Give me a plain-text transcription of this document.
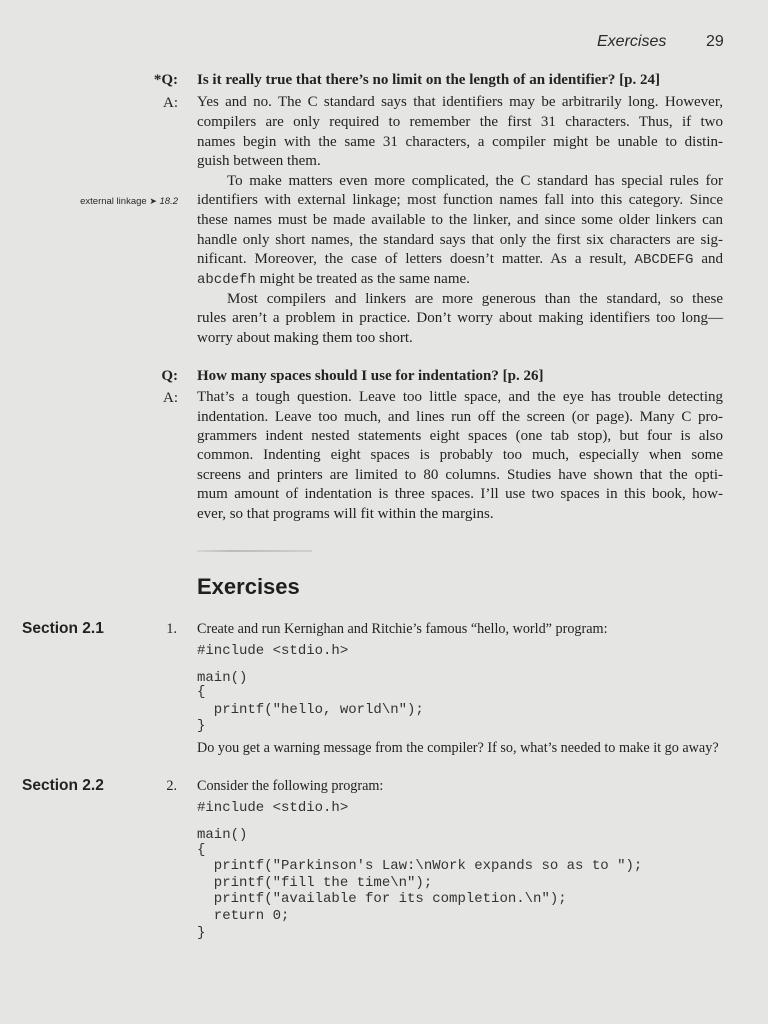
Exercises 29
*Q: Is it really true that there’s no limit on the length of an identifier? [p. 24]
A: Yes and no. The C standard says that identifiers may be arbitrarily long. However,
compilers are only required to remember the first 31 characters. Thus, if two
names begin with the same 31 characters, a compiler might be unable to distin-
guish between them.
To make matters even more complicated, the C standard has special rules for
identifiers with external linkage; most function names fall into this category. Since
these names must be made available to the linker, and since some older linkers can
handle only short names, the standard says that only the first six characters are sig-
nificant. Moreover, the case of letters doesn’t matter. As a result, ABCDEFG and
abcdefh might be treated as the same name.
Most compilers and linkers are more generous than the standard, so these
rules aren’t a problem in practice. Don’t worry about making identifiers too long—
worry about making them too short.
external linkage ➤ 18.2
Q: How many spaces should I use for indentation? [p. 26]
A: That’s a tough question. Leave too little space, and the eye has trouble detecting
indentation. Leave too much, and lines run off the screen (or page). Many C pro-
grammers indent nested statements eight spaces (one tab stop), but four is also
common. Indenting eight spaces is probably too much, especially when some
screens and printers are limited to 80 columns. Studies have shown that the opti-
mum amount of indentation is three spaces. I’ll use two spaces in this book, how-
ever, so that programs will fit within the margins.
Exercises
Section 2.1	1. Create and run Kernighan and Ritchie’s famous “hello, world” program:
#include <stdio.h>
main()
{
printf("hello, world\n");
}
Do you get a warning message from the compiler? If so, what’s needed to make it go away?
Section 2.2	2. Consider the following program:
#include <stdio.h>
main()
{
printf("Parkinson's Law:\nWork expands so as to ");
printf("fill the time\n");
printf("available for its completion.\n");
return 0;
}
